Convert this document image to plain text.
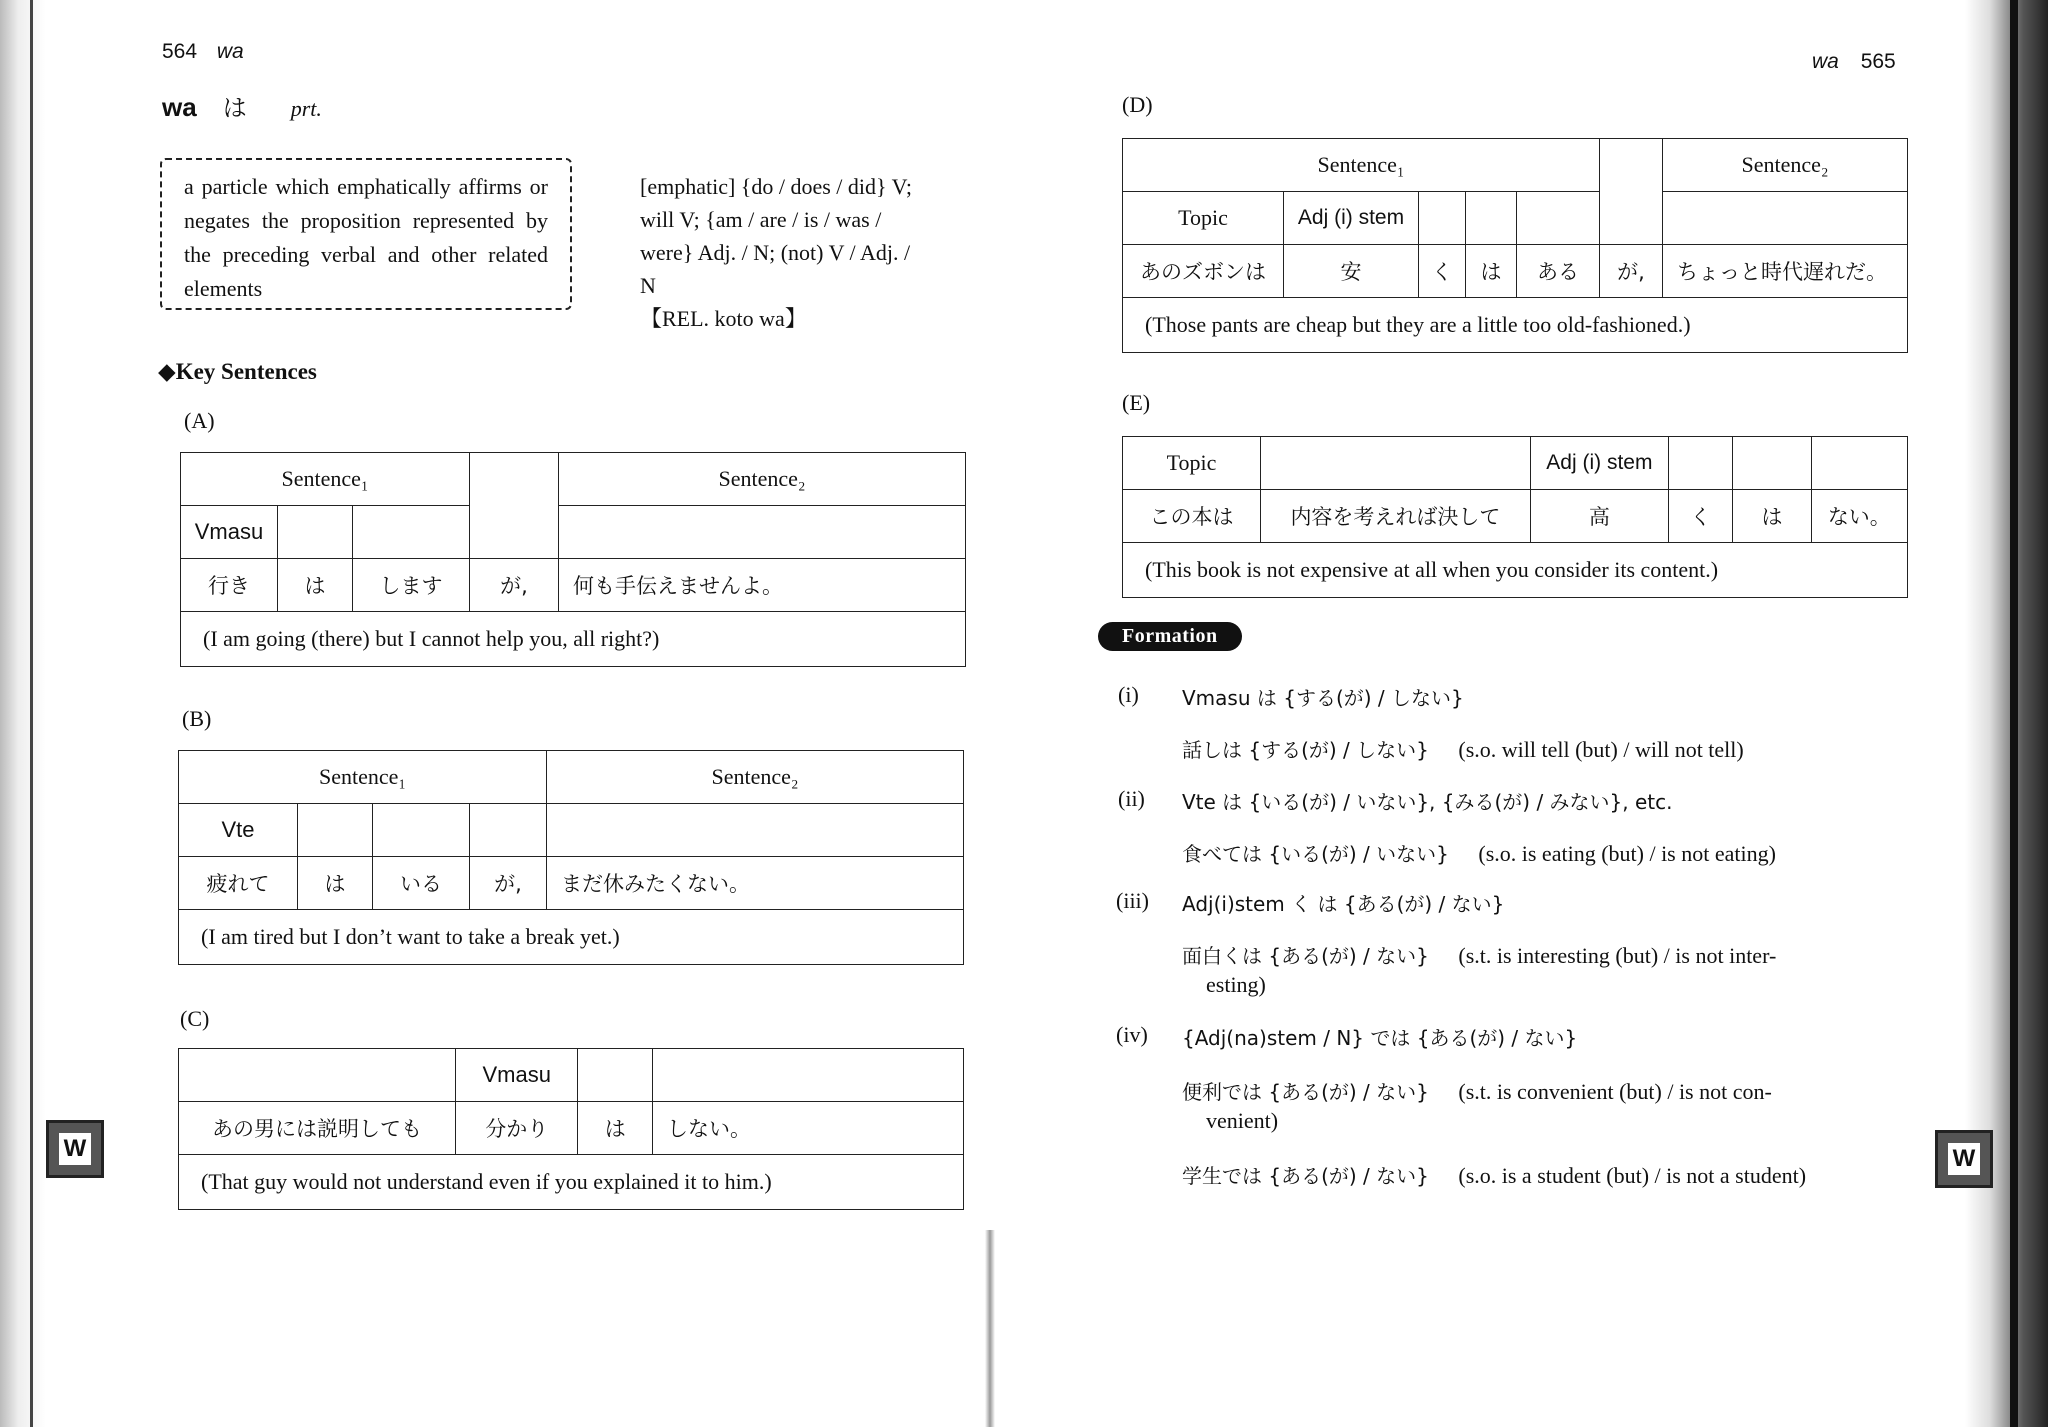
564 wa
wa は prt.
a particle which emphatically affirms or negates the proposition represented by the preceding verbal and other related elements
[emphatic] {do / does / did} V;
will V; {am / are / is / was /
were} Adj. / N; (not) V / Adj. /
N
【REL. koto wa】
◆Key Sentences
(A)
Sentence₁				Sentence₂
Vmasu				
行き	は	します	が,	何も手伝えませんよ。
(I am going (there) but I cannot help you, all right?)				
(B)
Sentence₁				Sentence₂
Vte				
疲れて	は	いる	が,	まだ休みたくない。
(I am tired but I don’t want to take a break yet.)				
(C)
	Vmasu		
あの男には説明しても	分かり	は	しない。
(That guy would not understand even if you explained it to him.)			
W
wa 565
(D)
Sentence₁						Sentence₂
Topic	Adj (i) stem					
あのズボンは	安	く	は	ある	が,	ちょっと時代遅れだ。
(Those pants are cheap but they are a little too old-fashioned.)						
(E)
Topic		Adj (i) stem			
この本は	内容を考えれば決して	高	く	は	ない。
(This book is not expensive at all when you consider its content.)					
Formation
(i) Vmasu は {する(が) / しない}
話しは {する(が) / しない} (s.o. will tell (but) / will not tell)
(ii) Vte は {いる(が) / いない}, {みる(が) / みない}, etc.
食べては {いる(が) / いない} (s.o. is eating (but) / is not eating)
(iii) Adj(i)stem く は {ある(が) / ない}
面白くは {ある(が) / ない} (s.t. is interesting (but) / is not inter-
esting)
(iv) {Adj(na)stem / N} では {ある(が) / ない}
便利では {ある(が) / ない} (s.t. is convenient (but) / is not con-
venient)
学生では {ある(が) / ない} (s.o. is a student (but) / is not a student)
W
